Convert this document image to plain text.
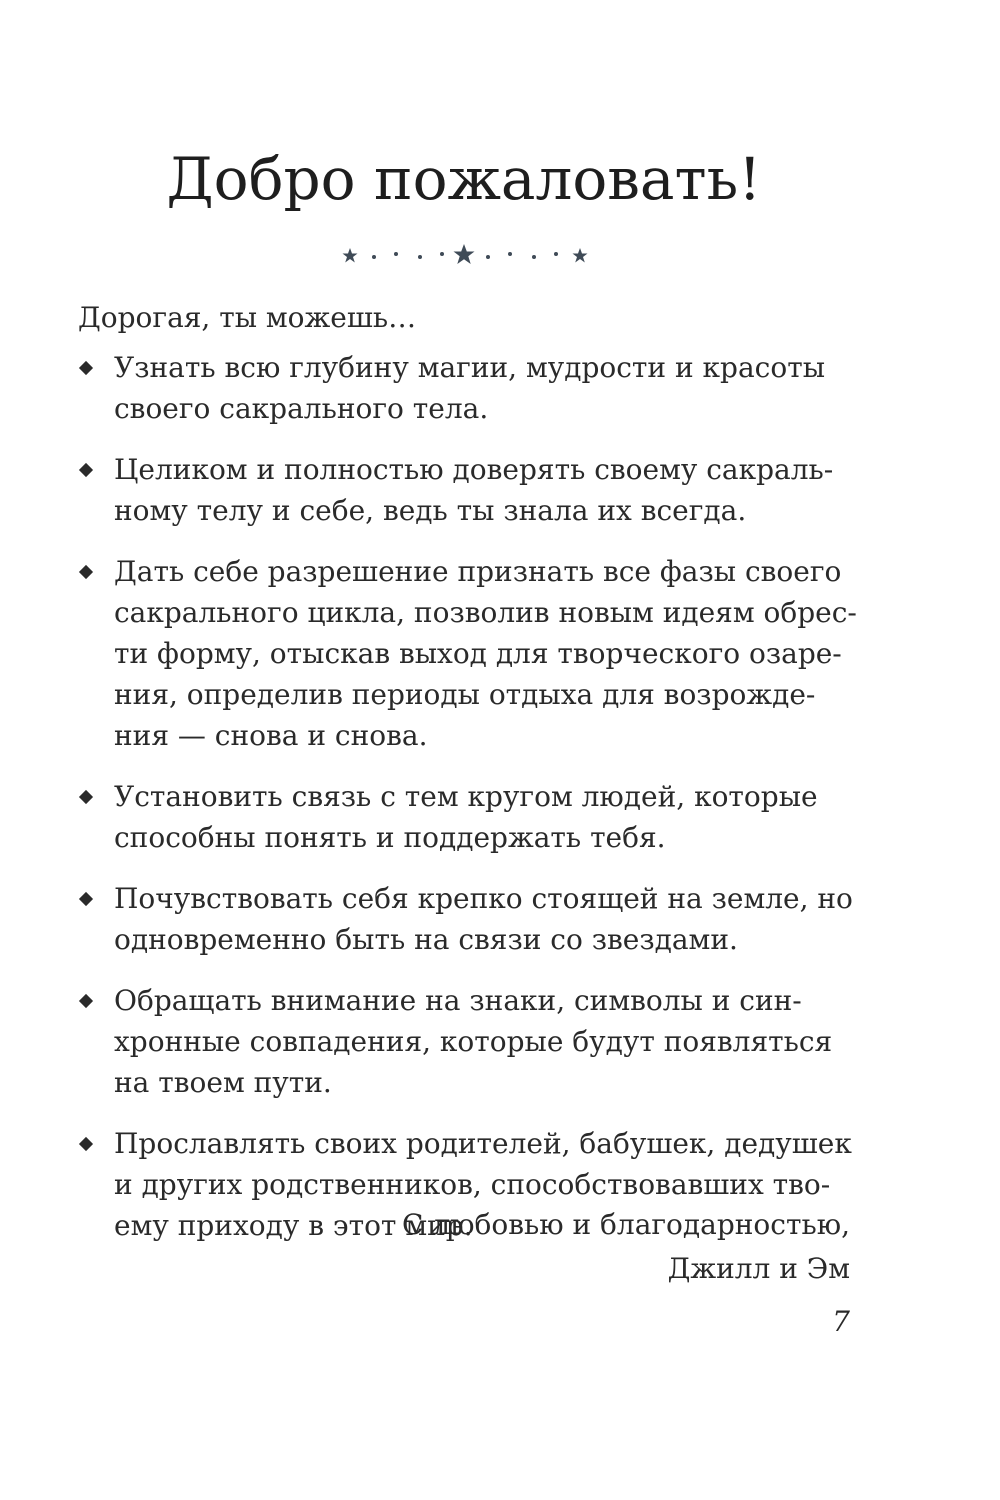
Добро пожаловать!

Дорогая, ты можешь…

Узнать всю глубину магии, мудрости и красоты
своего сакрального тела.
Целиком и полностью доверять своему сакраль-
ному телу и себе, ведь ты знала их всегда.
Дать себе разрешение признать все фазы своего
сакрального цикла, позволив новым идеям обрес-
ти форму, отыскав выход для творческого озаре-
ния, определив периоды отдыха для возрожде-
ния — снова и снова.
Установить связь с тем кругом людей, которые
способны понять и поддержать тебя.
Почувствовать себя крепко стоящей на земле, но
одновременно быть на связи со звездами.
Обращать внимание на знаки, символы и син-
хронные совпадения, которые будут появляться
на твоем пути.
Прославлять своих родителей, бабушек, дедушек
и других родственников, способствовавших тво-
ему приходу в этот мир.
С любовью и благодарностью,
Джилл и Эм
7
